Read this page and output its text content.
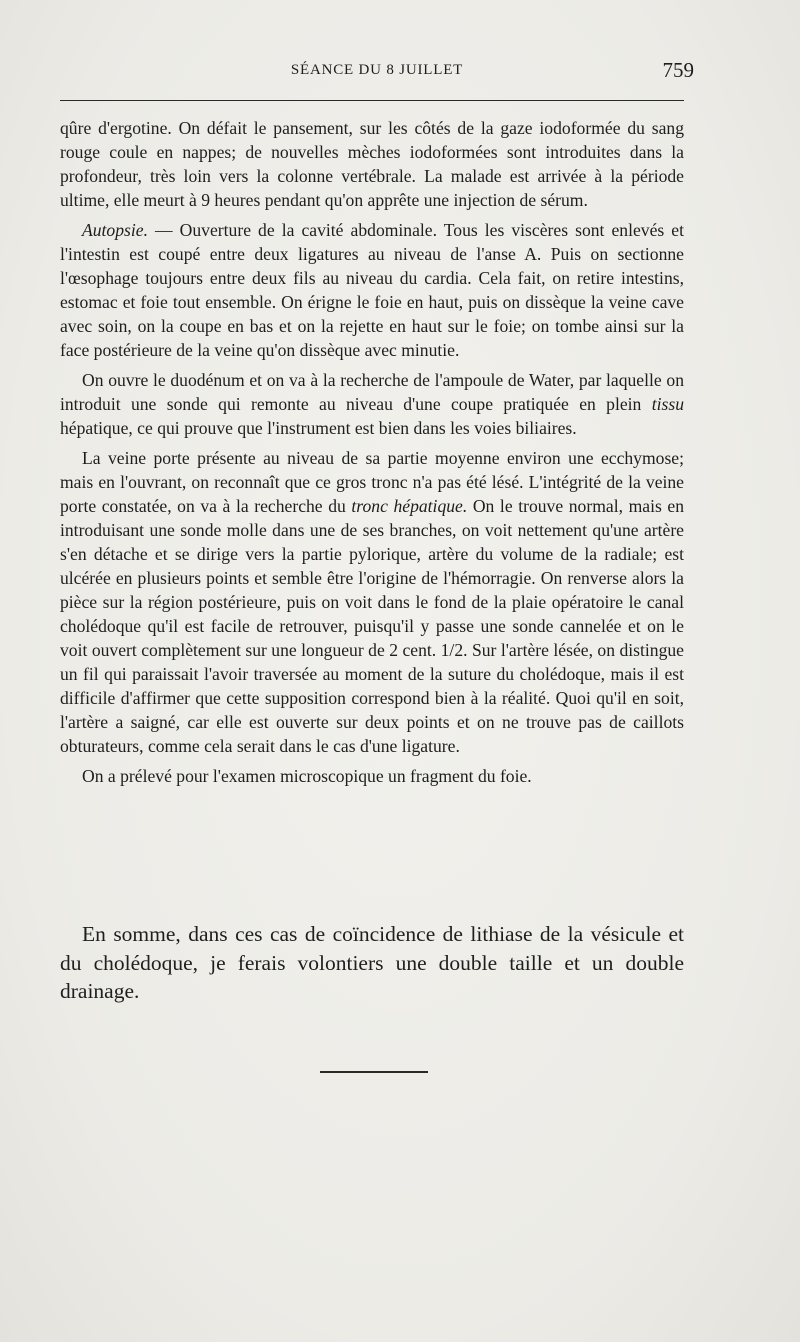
SÉANCE DU 8 JUILLET	759

qûre d'ergotine. On défait le pansement, sur les côtés de la gaze iodoformée du sang rouge coule en nappes; de nouvelles mèches iodoformées sont introduites dans la profondeur, très loin vers la colonne vertébrale. La malade est arrivée à la période ultime, elle meurt à 9 heures pendant qu'on apprête une injection de sérum.

Autopsie. — Ouverture de la cavité abdominale. Tous les viscères sont enlevés et l'intestin est coupé entre deux ligatures au niveau de l'anse A. Puis on sectionne l'œsophage toujours entre deux fils au niveau du cardia. Cela fait, on retire intestins, estomac et foie tout ensemble. On érigne le foie en haut, puis on dissèque la veine cave avec soin, on la coupe en bas et on la rejette en haut sur le foie; on tombe ainsi sur la face postérieure de la veine qu'on dissèque avec minutie.

On ouvre le duodénum et on va à la recherche de l'ampoule de Water, par laquelle on introduit une sonde qui remonte au niveau d'une coupe pratiquée en plein tissu hépatique, ce qui prouve que l'instrument est bien dans les voies biliaires.

La veine porte présente au niveau de sa partie moyenne environ une ecchymose; mais en l'ouvrant, on reconnaît que ce gros tronc n'a pas été lésé. L'intégrité de la veine porte constatée, on va à la recherche du tronc hépatique. On le trouve normal, mais en introduisant une sonde molle dans une de ses branches, on voit nettement qu'une artère s'en détache et se dirige vers la partie pylorique, artère du volume de la radiale; est ulcérée en plusieurs points et semble être l'origine de l'hémorragie. On renverse alors la pièce sur la région postérieure, puis on voit dans le fond de la plaie opératoire le canal cholédoque qu'il est facile de retrouver, puisqu'il y passe une sonde cannelée et on le voit ouvert complètement sur une longueur de 2 cent. 1/2. Sur l'artère lésée, on distingue un fil qui paraissait l'avoir traversée au moment de la suture du cholédoque, mais il est difficile d'affirmer que cette supposition correspond bien à la réalité. Quoi qu'il en soit, l'artère a saigné, car elle est ouverte sur deux points et on ne trouve pas de caillots obturateurs, comme cela serait dans le cas d'une ligature.

On a prélevé pour l'examen microscopique un fragment du foie.

En somme, dans ces cas de coïncidence de lithiase de la vésicule et du cholédoque, je ferais volontiers une double taille et un double drainage.
